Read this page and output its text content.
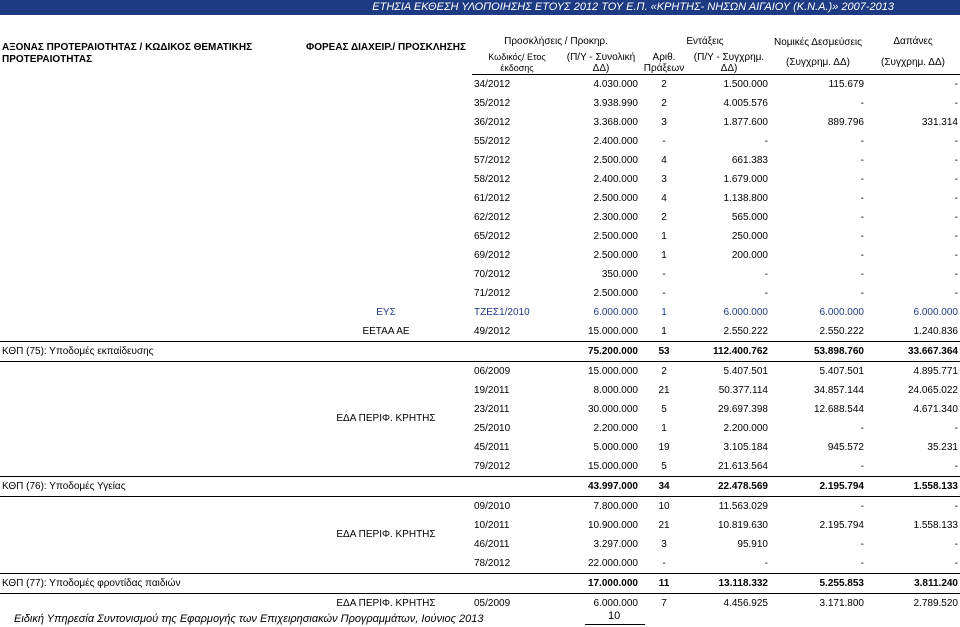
ΕΤΗΣΙΑ ΕΚΘΕΣΗ ΥΛΟΠΟΙΗΣΗΣ ΕΤΟΥΣ 2012 ΤΟΥ Ε.Π. «ΚΡΗΤΗΣ- ΝΗΣΩΝ ΑΙΓΑΙΟΥ (Κ.Ν.Α.)» 2007-2013
ΑΞΟΝΑΣ ΠΡΟΤΕΡΑΙΟΤΗΤΑΣ / ΚΩΔΙΚΟΣ ΘΕΜΑΤΙΚΗΣ ΠΡΟΤΕΡΑΙΟΤΗΤΑΣ	ΦΟΡΕΑΣ ΔΙΑΧΕΙΡ./ ΠΡΟΣΚΛΗΣΗΣ	Προσκλήσεις / Προκηρ.		Εντάξεις		Νομικές Δεσμεύσεις	Δαπάνες
		Κωδικός/ Ετος έκδοσης	(Π/Υ - Συνολική ΔΔ)	Αριθ. Πράξεων	(Π/Υ - Συγχρημ. ΔΔ)	(Συγχρημ. ΔΔ)	(Συγχρημ. ΔΔ)
		34/2012	4.030.000	2	1.500.000	115.679	-
		35/2012	3.938.990	2	4.005.576	-	-
		36/2012	3.368.000	3	1.877.600	889.796	331.314
		55/2012	2.400.000	-	-	-	-
		57/2012	2.500.000	4	661.383	-	-
		58/2012	2.400.000	3	1.679.000	-	-
		61/2012	2.500.000	4	1.138.800	-	-
		62/2012	2.300.000	2	565.000	-	-
		65/2012	2.500.000	1	250.000	-	-
		69/2012	2.500.000	1	200.000	-	-
		70/2012	350.000	-	-	-	-
		71/2012	2.500.000	-	-	-	-
	ΕΥΣ	ΤΖΕΣ1/2010	6.000.000	1	6.000.000	6.000.000	6.000.000
	ΕΕΤΑΑ ΑΕ	49/2012	15.000.000	1	2.550.222	2.550.222	1.240.836
ΚΘΠ (75): Υποδομές εκπαίδευσης			75.200.000	53	112.400.762	53.898.760	33.667.364
	ΕΔΑ ΠΕΡΙΦ. ΚΡΗΤΗΣ	06/2009	15.000.000	2	5.407.501	5.407.501	4.895.771
		19/2011	8.000.000	21	50.377.114	34.857.144	24.065.022
		23/2011	30.000.000	5	29.697.398	12.688.544	4.671.340
		25/2010	2.200.000	1	2.200.000	-	-
		45/2011	5.000.000	19	3.105.184	945.572	35.231
		79/2012	15.000.000	5	21.613.564	-	-
ΚΘΠ (76): Υποδομές Υγείας			43.997.000	34	22.478.569	2.195.794	1.558.133
	ΕΔΑ ΠΕΡΙΦ. ΚΡΗΤΗΣ	09/2010	7.800.000	10	11.563.029	-	-
		10/2011	10.900.000	21	10.819.630	2.195.794	1.558.133
		46/2011	3.297.000	3	95.910	-	-
		78/2012	22.000.000	-	-	-	-
ΚΘΠ (77): Υποδομές φροντίδας παιδιών			17.000.000	11	13.118.332	5.255.853	3.811.240
	ΕΔΑ ΠΕΡΙΦ. ΚΡΗΤΗΣ	05/2009	6.000.000	7	4.456.925	3.171.800	2.789.520
Ειδική Υπηρεσία Συντονισμού της Εφαρμογής των Επιχειρησιακών Προγραμμάτων, Ιούνιος 2013	10
